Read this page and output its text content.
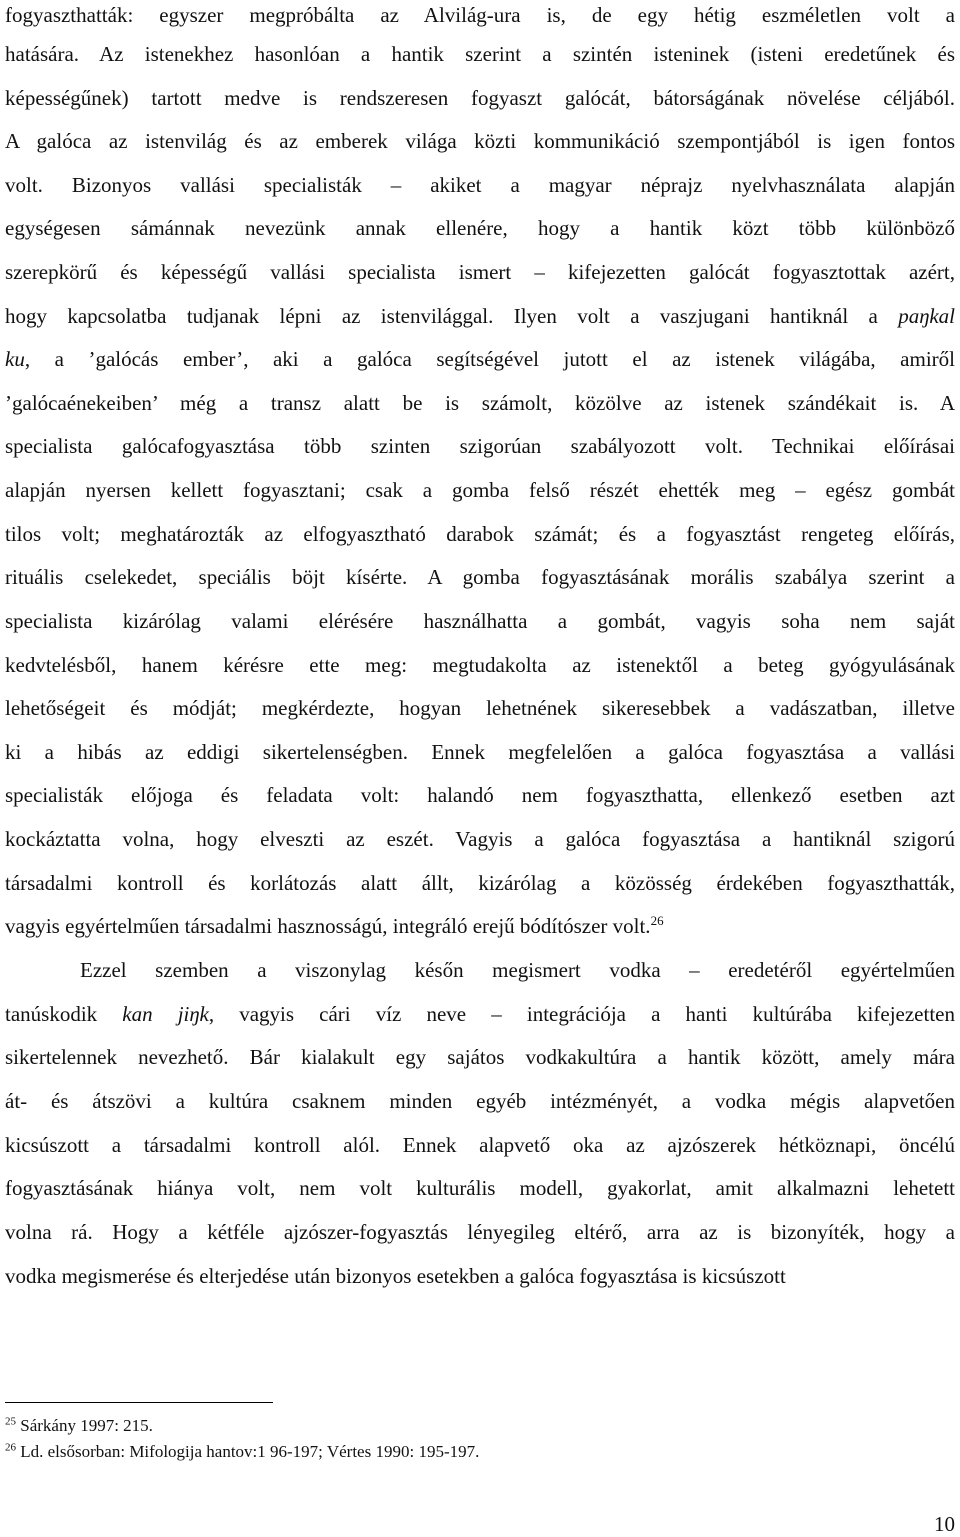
fogyaszthatták: egyszer megpróbálta az Alvilág-ura is, de egy hétig eszméletlen volt a
hatására. Az istenekhez hasonlóan a hantik szerint a szintén isteninek (isteni eredetűnek és
képességűnek) tartott medve is rendszeresen fogyaszt galócát, bátorságának növelése céljából.
A galóca az istenvilág és az emberek világa közti kommunikáció szempontjából is igen fontos
volt. Bizonyos vallási specialisták – akiket a magyar néprajz nyelvhasználata alapján
egységesen sámánnak nevezünk annak ellenére, hogy a hantik közt több különböző
szerepkörű és képességű vallási specialista ismert – kifejezetten galócát fogyasztottak azért,
hogy kapcsolatba tudjanak lépni az istenvilággal. Ilyen volt a vaszjugani hantiknál a paŋkal
ku, a ’galócás ember’, aki a galóca segítségével jutott el az istenek világába, amiről
’galócaénekeiben’ még a transz alatt be is számolt, közölve az istenek szándékait is. A
specialista galócafogyasztása több szinten szigorúan szabályozott volt. Technikai előírásai
alapján nyersen kellett fogyasztani; csak a gomba felső részét ehették meg – egész gombát
tilos volt; meghatározták az elfogyasztható darabok számát; és a fogyasztást rengeteg előírás,
rituális cselekedet, speciális böjt kísérte. A gomba fogyasztásának morális szabálya szerint a
specialista kizárólag valami elérésére használhatta a gombát, vagyis soha nem saját
kedvtelésből, hanem kérésre ette meg: megtudakolta az istenektől a beteg gyógyulásának
lehetőségeit és módját; megkérdezte, hogyan lehetnének sikeresebbek a vadászatban, illetve
ki a hibás az eddigi sikertelenségben. Ennek megfelelően a galóca fogyasztása a vallási
specialisták előjoga és feladata volt: halandó nem fogyaszthatta, ellenkező esetben azt
kockáztatta volna, hogy elveszti az eszét. Vagyis a galóca fogyasztása a hantiknál szigorú
társadalmi kontroll és korlátozás alatt állt, kizárólag a közösség érdekében fogyaszthatták,
vagyis egyértelműen társadalmi hasznosságú, integráló erejű bódítószer volt.$^{26}$
Ezzel szemben a viszonylag későn megismert vodka – eredetéről egyértelműen
tanúskodik kan jiŋk, vagyis cári víz neve – integrációja a hanti kultúrába kifejezetten
sikertelennek nevezhető. Bár kialakult egy sajátos vodkakultúra a hantik között, amely mára
át- és átszövi a kultúra csaknem minden egyéb intézményét, a vodka mégis alapvetően
kicsúszott a társadalmi kontroll alól. Ennek alapvető oka az ajzószerek hétköznapi, öncélú
fogyasztásának hiánya volt, nem volt kulturális modell, gyakorlat, amit alkalmazni lehetett
volna rá. Hogy a kétféle ajzószer-fogyasztás lényegileg eltérő, arra az is bizonyíték, hogy a
vodka megismerése és elterjedése után bizonyos esetekben a galóca fogyasztása is kicsúszott
$^{25}$ Sárkány 1997: 215.
$^{26}$ Ld. elsősorban: Mifologija hantov:1 96-197; Vértes 1990: 195-197.
10
